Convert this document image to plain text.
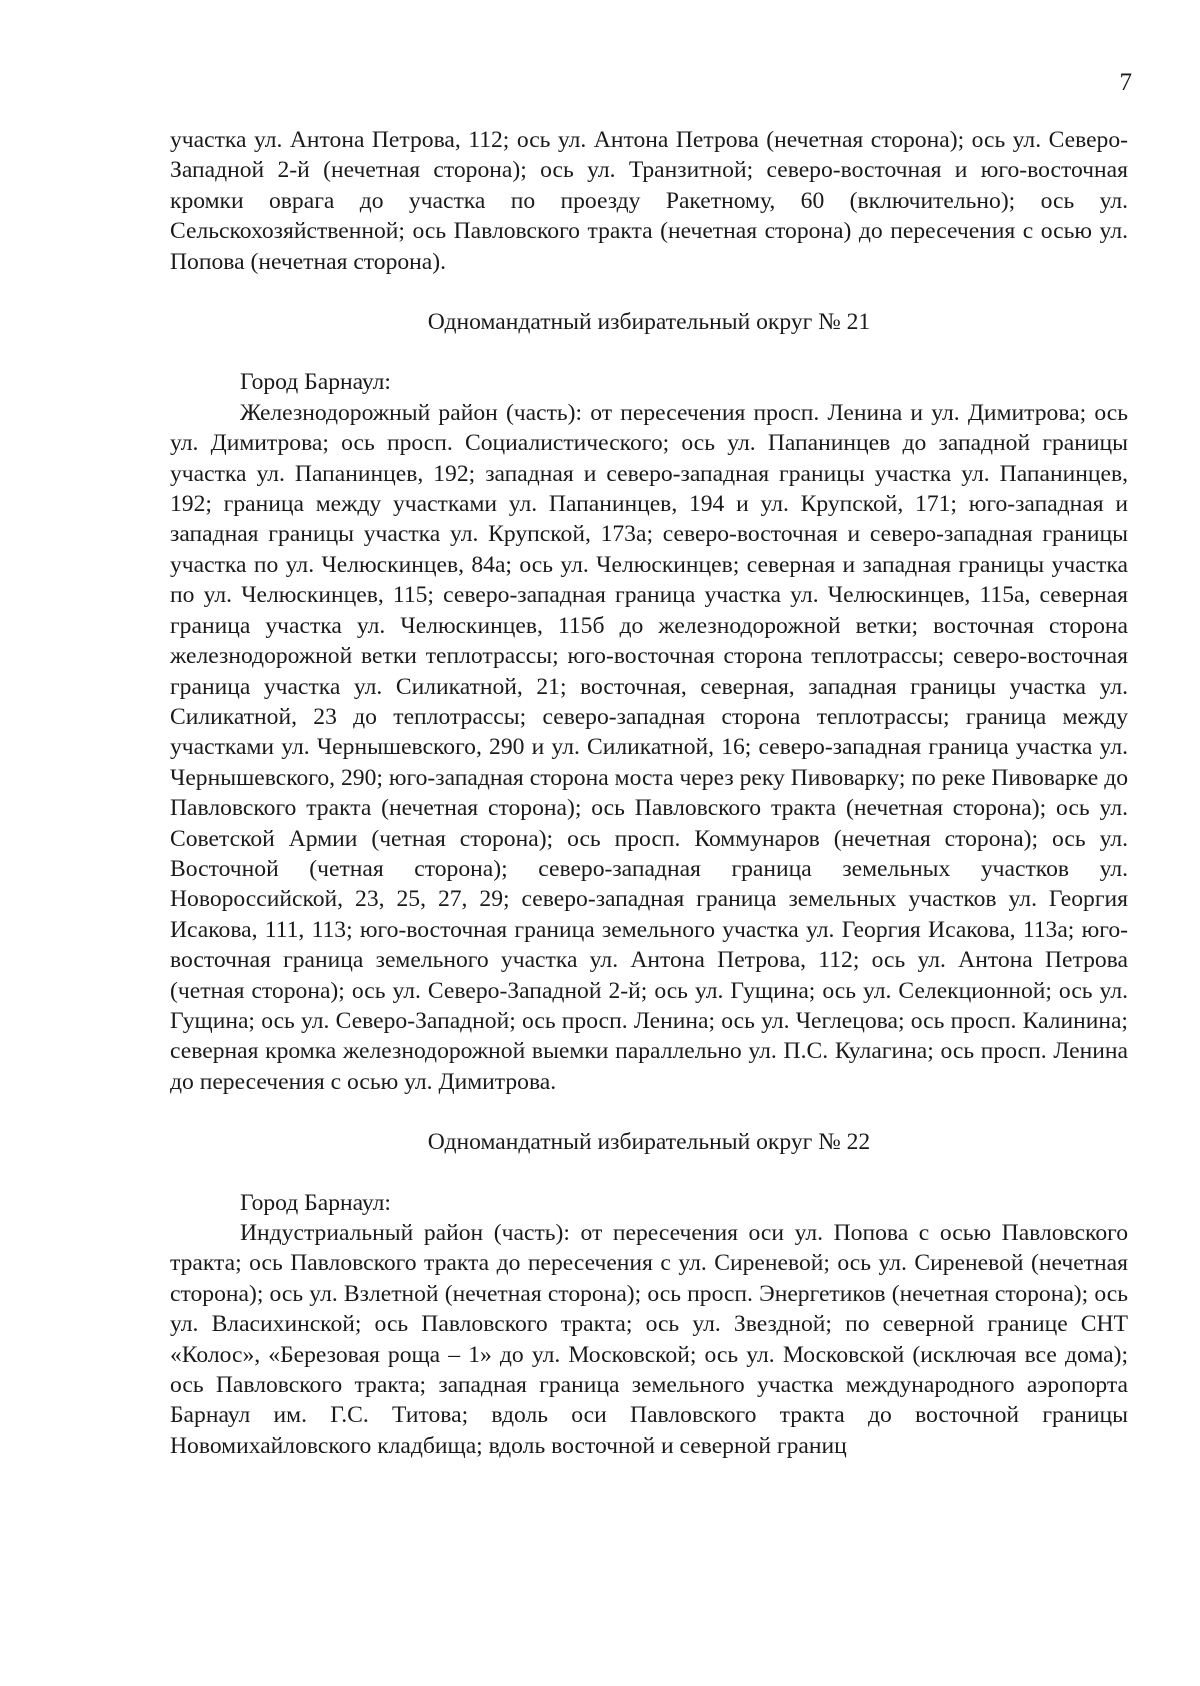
7

участка ул. Антона Петрова, 112; ось ул. Антона Петрова (нечетная сторона); ось ул. Северо-Западной 2-й (нечетная сторона); ось ул. Транзитной; северо-восточная и юго-восточная кромки оврага до участка по проезду Ракетному, 60 (включительно); ось ул. Сельскохозяйственной; ось Павловского тракта (нечетная сторона) до пересечения с осью ул. Попова (нечетная сторона).

Одномандатный избирательный округ № 21

Город Барнаул:

Железнодорожный район (часть): от пересечения просп. Ленина и ул. Димитрова; ось ул. Димитрова; ось просп. Социалистического; ось ул. Папанинцев до западной границы участка ул. Папанинцев, 192; западная и северо-западная границы участка ул. Папанинцев, 192; граница между участками ул. Папанинцев, 194 и ул. Крупской, 171; юго-западная и западная границы участка ул. Крупской, 173а; северо-восточная и северо-западная границы участка по ул. Челюскинцев, 84а; ось ул. Челюскинцев; северная и западная границы участка по ул. Челюскинцев, 115; северо-западная граница участка ул. Челюскинцев, 115а, северная граница участка ул. Челюскинцев, 115б до железнодорожной ветки; восточная сторона железнодорожной ветки теплотрассы; юго-восточная сторона теплотрассы; северо-восточная граница участка ул. Силикатной, 21; восточная, северная, западная границы участка ул. Силикатной, 23 до теплотрассы; северо-западная сторона теплотрассы; граница между участками ул. Чернышевского, 290 и ул. Силикатной, 16; северо-западная граница участка ул. Чернышевского, 290; юго-западная сторона моста через реку Пивоварку; по реке Пивоварке до Павловского тракта (нечетная сторона); ось Павловского тракта (нечетная сторона); ось ул. Советской Армии (четная сторона); ось просп. Коммунаров (нечетная сторона); ось ул. Восточной (четная сторона); северо-западная граница земельных участков ул. Новороссийской, 23, 25, 27, 29; северо-западная граница земельных участков ул. Георгия Исакова, 111, 113; юго-восточная граница земельного участка ул. Георгия Исакова, 113а; юго-восточная граница земельного участка ул. Антона Петрова, 112; ось ул. Антона Петрова (четная сторона); ось ул. Северо-Западной 2-й; ось ул. Гущина; ось ул. Селекционной; ось ул. Гущина; ось ул. Северо-Западной; ось просп. Ленина; ось ул. Чеглецова; ось просп. Калинина; северная кромка железнодорожной выемки параллельно ул. П.С. Кулагина; ось просп. Ленина до пересечения с осью ул. Димитрова.

Одномандатный избирательный округ № 22

Город Барнаул:

Индустриальный район (часть): от пересечения оси ул. Попова с осью Павловского тракта; ось Павловского тракта до пересечения с ул. Сиреневой; ось ул. Сиреневой (нечетная сторона); ось ул. Взлетной (нечетная сторона); ось просп. Энергетиков (нечетная сторона); ось ул. Власихинской; ось Павловского тракта; ось ул. Звездной; по северной границе СНТ «Колос», «Березовая роща – 1» до ул. Московской; ось ул. Московской (исключая все дома); ось Павловского тракта; западная граница земельного участка международного аэропорта Барнаул им. Г.С. Титова; вдоль оси Павловского тракта до восточной границы Новомихайловского кладбища; вдоль восточной и северной границ
